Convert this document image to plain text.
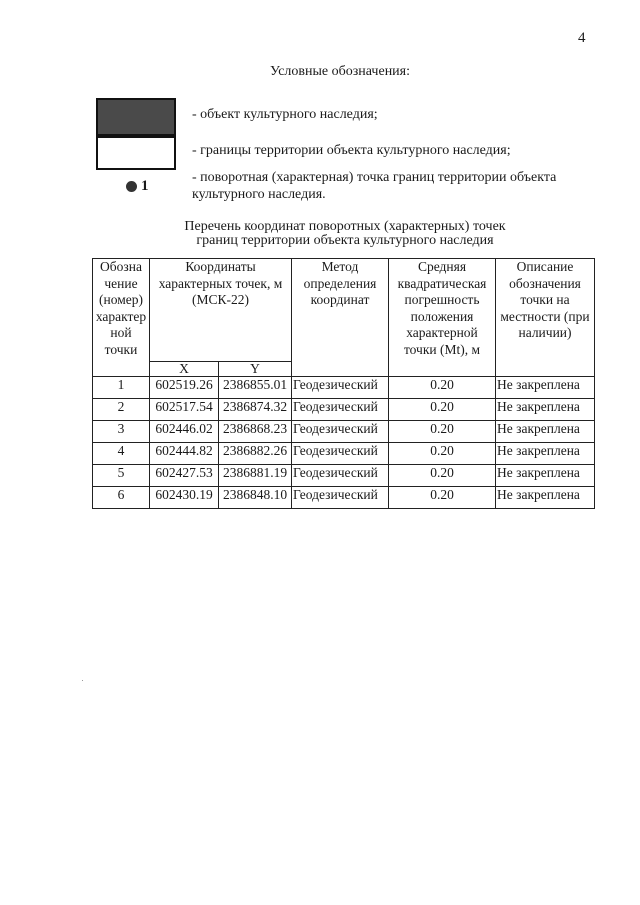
4
Условные обозначения:
- объект культурного наследия;
- границы территории объекта культурного наследия;
1
- поворотная (характерная) точка границ территории объекта культурного наследия.
Перечень координат поворотных (характерных) точек
границ территории объекта культурного наследия
Обозна чение (номер) характер ной точки	Координаты характерных точек, м (МСК-22)		Метод определения координат	Средняя квадратическая погрешность положения характерной точки (Mt), м	Описание обозначения точки на местности (при наличии)
	X	Y			
1	602519.26	2386855.01	Геодезический	0.20	Не закреплена
2	602517.54	2386874.32	Геодезический	0.20	Не закреплена
3	602446.02	2386868.23	Геодезический	0.20	Не закреплена
4	602444.82	2386882.26	Геодезический	0.20	Не закреплена
5	602427.53	2386881.19	Геодезический	0.20	Не закреплена
6	602430.19	2386848.10	Геодезический	0.20	Не закреплена
